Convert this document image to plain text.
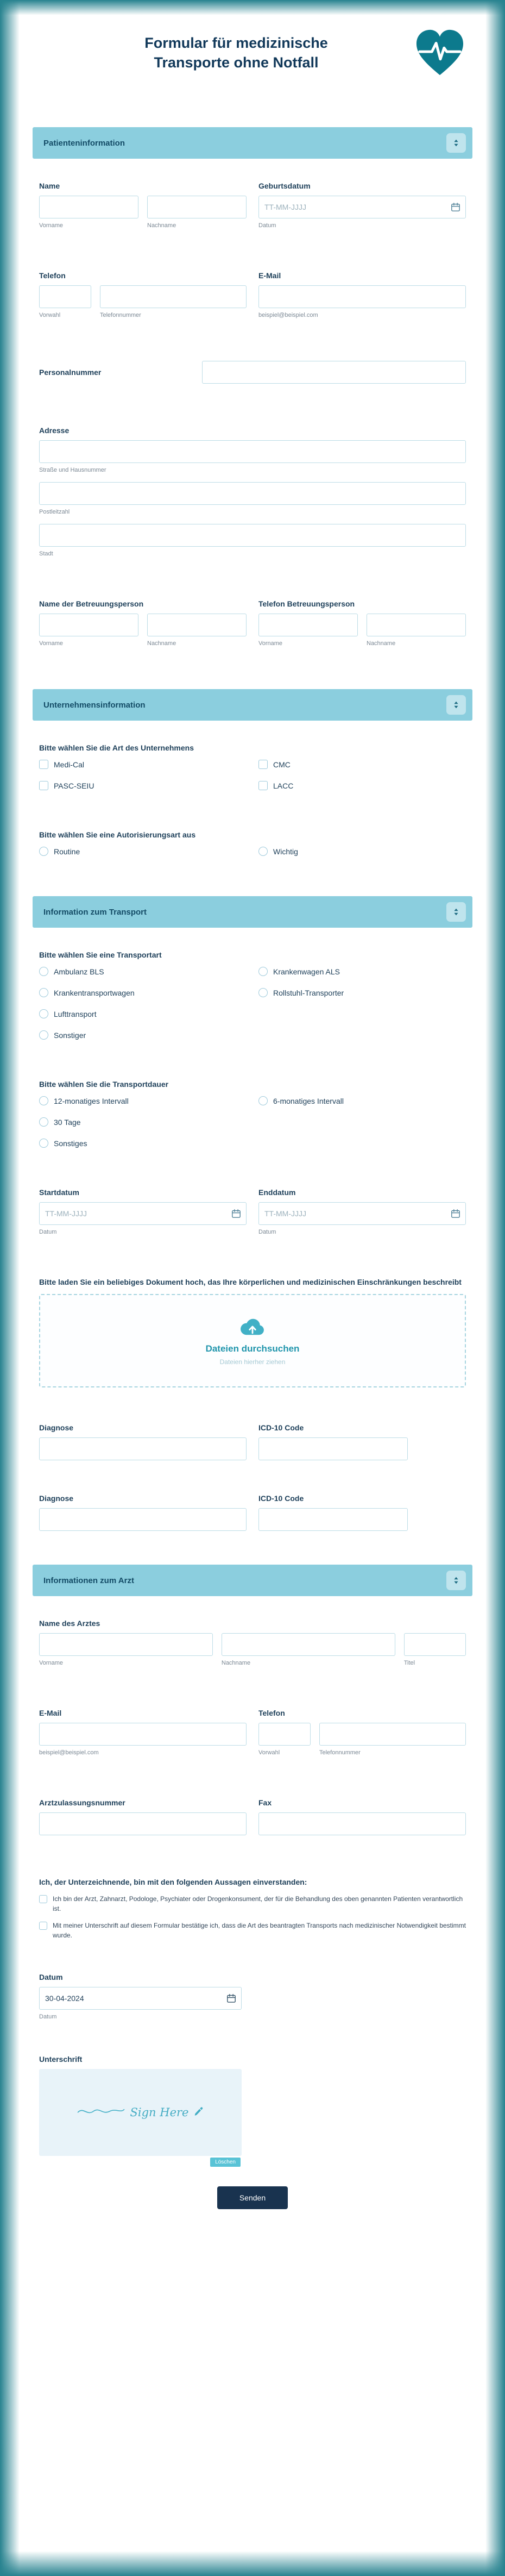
Formular für medizinische
Transporte ohne Notfall
Patienteninformation
Name
Vorname	Nachname
Geburtsdatum
TT-MM-JJJJ
Datum
Telefon
Vorwahl	Telefonnummer
E-Mail
beispiel@beispiel.com
Personalnummer
Adresse
Straße und Hausnummer
Postleitzahl
Stadt
Name der Betreuungsperson
Vorname	Nachname
Telefon Betreuungsperson
Vorname	Nachname
Unternehmensinformation
Bitte wählen Sie die Art des Unternehmens
Medi-Cal	CMC
PASC-SEIU	LACC
Bitte wählen Sie eine Autorisierungsart aus
Routine	Wichtig
Information zum Transport
Bitte wählen Sie eine Transportart
Ambulanz BLS	Krankenwagen ALS
Krankentransportwagen	Rollstuhl-Transporter
Lufttransport
Sonstiger
Bitte wählen Sie die Transportdauer
12-monatiges Intervall	6-monatiges Intervall
30 Tage
Sonstiges
Startdatum
TT-MM-JJJJ
Datum
Enddatum
TT-MM-JJJJ
Datum
Bitte laden Sie ein beliebiges Dokument hoch, das Ihre körperlichen und medizinischen Einschränkungen beschreibt
Dateien durchsuchen
Dateien hierher ziehen
Diagnose	ICD-10 Code
Diagnose	ICD-10 Code
Informationen zum Arzt
Name des Arztes
Vorname	Nachname	Titel
E-Mail
beispiel@beispiel.com
Telefon
Vorwahl	Telefonnummer
Arztzulassungsnummer	Fax
Ich, der Unterzeichnende, bin mit den folgenden Aussagen einverstanden:
Ich bin der Arzt, Zahnarzt, Podologe, Psychiater oder Drogenkonsument, der für die Behandlung des oben genannten Patienten verantwortlich ist.
Mit meiner Unterschrift auf diesem Formular bestätige ich, dass die Art des beantragten Transports nach medizinischer Notwendigkeit bestimmt wurde.
Datum
30-04-2024
Datum
Unterschrift
Sign Here
Löschen
Senden
